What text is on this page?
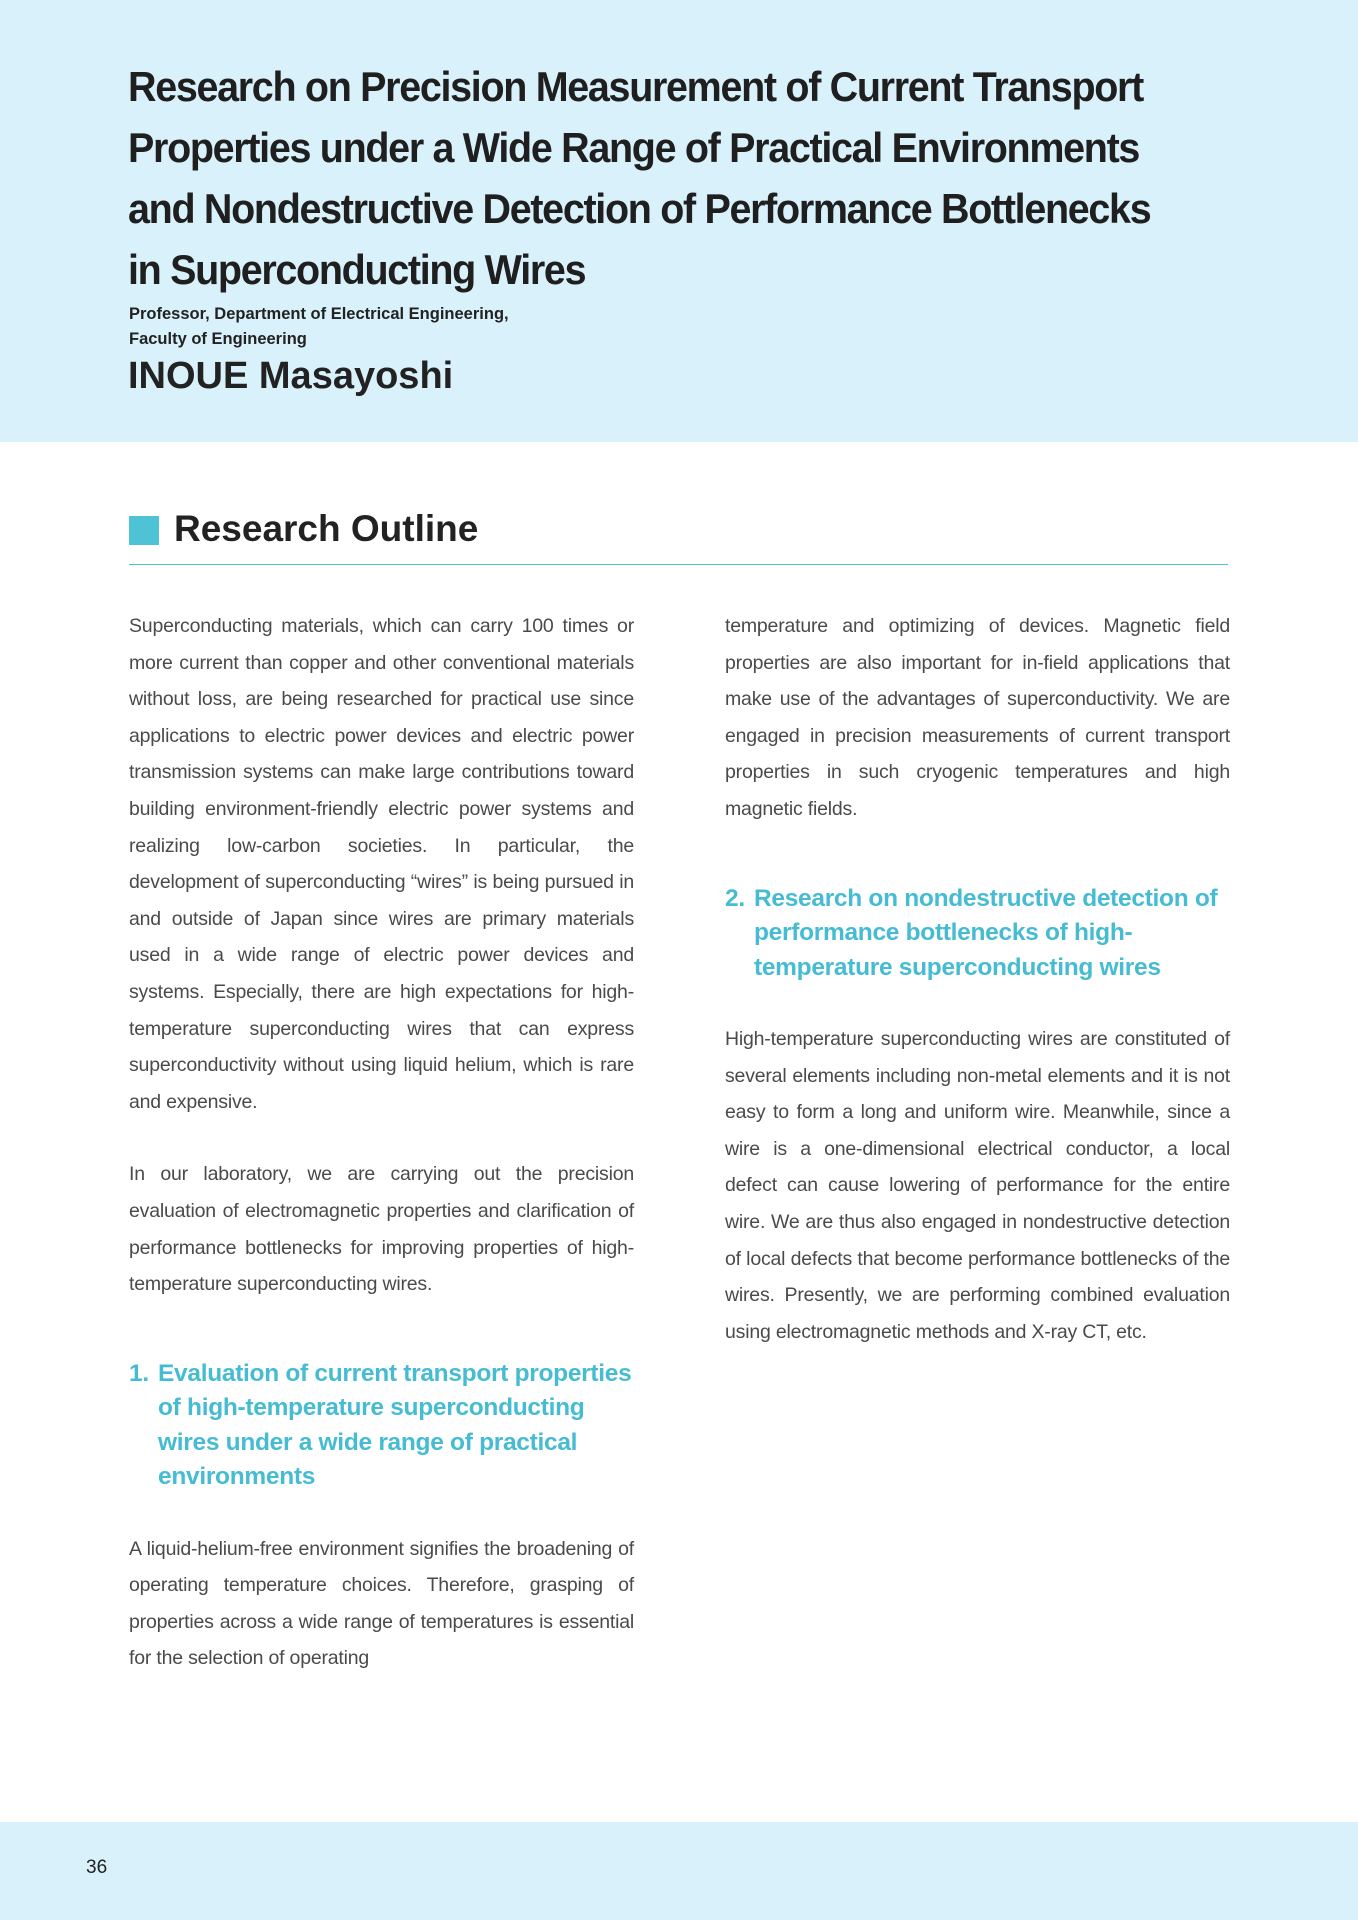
Research on Precision Measurement of Current Transport Properties under a Wide Range of Practical Environments and Nondestructive Detection of Performance Bottlenecks in Superconducting Wires
Professor, Department of Electrical Engineering,
Faculty of Engineering
INOUE Masayoshi
Research Outline

Superconducting materials, which can carry 100 times or more current than copper and other conventional materials without loss, are being researched for practical use since applications to electric power devices and electric power transmission systems can make large contributions toward building environment-friendly electric power systems and realizing low-carbon societies. In particular, the development of superconducting “wires” is being pursued in and outside of Japan since wires are primary materials used in a wide range of electric power devices and systems. Especially, there are high expectations for high-temperature superconducting wires that can express superconductivity without using liquid helium, which is rare and expensive.

In our laboratory, we are carrying out the precision evaluation of electromagnetic properties and clarification of performance bottlenecks for improving properties of high-temperature superconducting wires.

1. Evaluation of current transport properties of high-temperature superconducting wires under a wide range of practical environments

A liquid-helium-free environment signifies the broadening of operating temperature choices. Therefore, grasping of properties across a wide range of temperatures is essential for the selection of operating

temperature and optimizing of devices. Magnetic field properties are also important for in-field applications that make use of the advantages of superconductivity. We are engaged in precision measurements of current transport properties in such cryogenic temperatures and high magnetic fields.

2. Research on nondestructive detection of performance bottlenecks of high-temperature superconducting wires

High-temperature superconducting wires are constituted of several elements including non-metal elements and it is not easy to form a long and uniform wire. Meanwhile, since a wire is a one-dimensional electrical conductor, a local defect can cause lowering of performance for the entire wire. We are thus also engaged in nondestructive detection of local defects that become performance bottlenecks of the wires. Presently, we are performing combined evaluation using electromagnetic methods and X-ray CT, etc.

36
